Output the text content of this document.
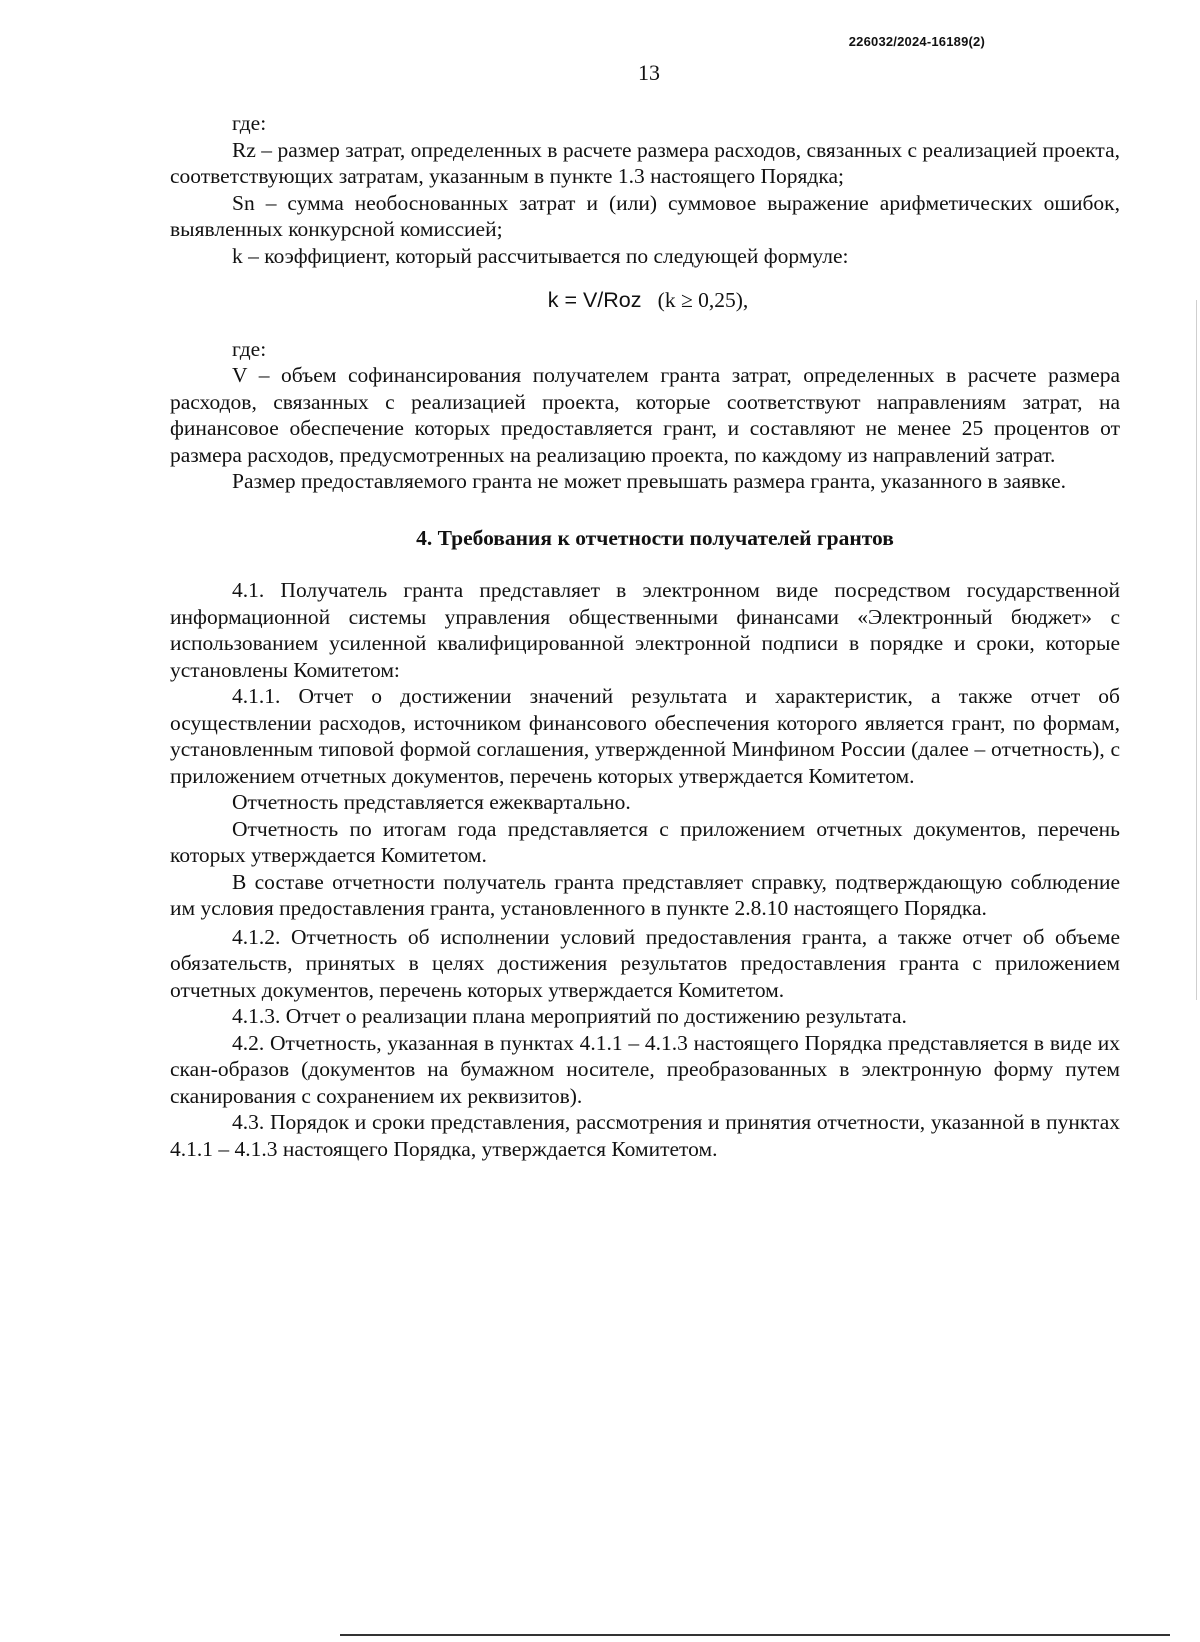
226032/2024-16189(2)
13

где:

Rz – размер затрат, определенных в расчете размера расходов, связанных с реализацией проекта, соответствующих затратам, указанным в пункте 1.3 настоящего Порядка;

Sn – сумма необоснованных затрат и (или) суммовое выражение арифметических ошибок, выявленных конкурсной комиссией;

k – коэффициент, который рассчитывается по следующей формуле:

k = V/Roz (k ≥ 0,25),

где:

V – объем софинансирования получателем гранта затрат, определенных в расчете размера расходов, связанных с реализацией проекта, которые соответствуют направлениям затрат, на финансовое обеспечение которых предоставляется грант, и составляют не менее 25 процентов от размера расходов, предусмотренных на реализацию проекта, по каждому из направлений затрат.

Размер предоставляемого гранта не может превышать размера гранта, указанного в заявке.

4. Требования к отчетности получателей грантов

4.1. Получатель гранта представляет в электронном виде посредством государственной информационной системы управления общественными финансами «Электронный бюджет» с использованием усиленной квалифицированной электронной подписи в порядке и сроки, которые установлены Комитетом:

4.1.1. Отчет о достижении значений результата и характеристик, а также отчет об осуществлении расходов, источником финансового обеспечения которого является грант, по формам, установленным типовой формой соглашения, утвержденной Минфином России (далее – отчетность), с приложением отчетных документов, перечень которых утверждается Комитетом.

Отчетность представляется ежеквартально.

Отчетность по итогам года представляется с приложением отчетных документов, перечень которых утверждается Комитетом.

В составе отчетности получатель гранта представляет справку, подтверждающую соблюдение им условия предоставления гранта, установленного в пункте 2.8.10 настоящего Порядка.

4.1.2. Отчетность об исполнении условий предоставления гранта, а также отчет об объеме обязательств, принятых в целях достижения результатов предоставления гранта с приложением отчетных документов, перечень которых утверждается Комитетом.

4.1.3. Отчет о реализации плана мероприятий по достижению результата.

4.2. Отчетность, указанная в пунктах 4.1.1 – 4.1.3 настоящего Порядка представляется в виде их скан-образов (документов на бумажном носителе, преобразованных в электронную форму путем сканирования с сохранением их реквизитов).

4.3. Порядок и сроки представления, рассмотрения и принятия отчетности, указанной в пунктах 4.1.1 – 4.1.3 настоящего Порядка, утверждается Комитетом.
